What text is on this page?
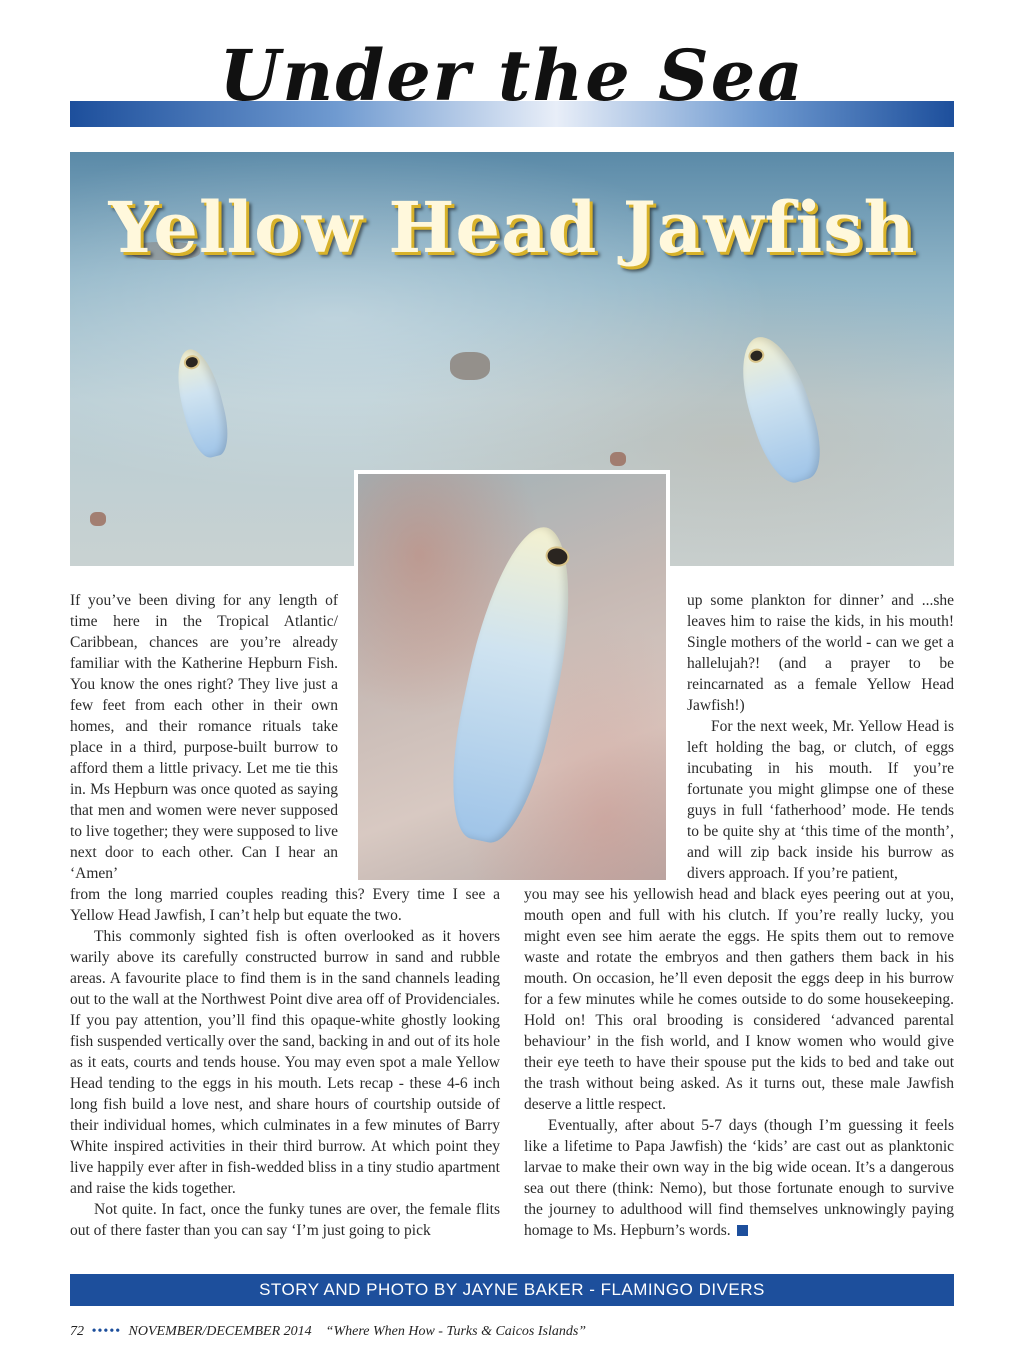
Under the Sea
Yellow Head Jawfish

If you’ve been diving for any length of time here in the Tropical Atlantic/ Caribbean, chances are you’re already familiar with the Katherine Hepburn Fish. You know the ones right? They live just a few feet from each other in their own homes, and their romance rituals take place in a third, purpose-built burrow to afford them a little privacy. Let me tie this in. Ms Hepburn was once quoted as saying that men and women were never supposed to live together; they were supposed to live next door to each other. Can I hear an ‘Amen’

from the long married couples reading this? Every time I see a Yellow Head Jawfish, I can’t help but equate the two.

This commonly sighted fish is often overlooked as it hovers warily above its carefully constructed burrow in sand and rubble areas. A favourite place to find them is in the sand channels leading out to the wall at the Northwest Point dive area off of Providenciales. If you pay attention, you’ll find this opaque-white ghostly looking fish suspended vertically over the sand, backing in and out of its hole as it eats, courts and tends house. You may even spot a male Yellow Head tending to the eggs in his mouth. Lets recap - these 4-6 inch long fish build a love nest, and share hours of courtship outside of their individual homes, which culminates in a few minutes of Barry White inspired activities in their third burrow. At which point they live happily ever after in fish-wedded bliss in a tiny studio apartment and raise the kids together.

Not quite. In fact, once the funky tunes are over, the female flits out of there faster than you can say ‘I’m just going to pick

up some plankton for dinner’ and ...she leaves him to raise the kids, in his mouth! Single mothers of the world - can we get a hallelujah?! (and a prayer to be reincarnated as a female Yellow Head Jawfish!)

For the next week, Mr. Yellow Head is left holding the bag, or clutch, of eggs incubating in his mouth. If you’re fortunate you might glimpse one of these guys in full ‘fatherhood’ mode. He tends to be quite shy at ‘this time of the month’, and will zip back inside his burrow as divers approach. If you’re patient,

you may see his yellowish head and black eyes peering out at you, mouth open and full with his clutch. If you’re really lucky, you might even see him aerate the eggs. He spits them out to remove waste and rotate the embryos and then gathers them back in his mouth. On occasion, he’ll even deposit the eggs deep in his burrow for a few minutes while he comes outside to do some housekeeping. Hold on! This oral brooding is considered ‘advanced parental behaviour’ in the fish world, and I know women who would give their eye teeth to have their spouse put the kids to bed and take out the trash without being asked. As it turns out, these male Jawfish deserve a little respect.

Eventually, after about 5-7 days (though I’m guessing it feels like a lifetime to Papa Jawfish) the ‘kids’ are cast out as planktonic larvae to make their own way in the big wide ocean. It’s a dangerous sea out there (think: Nemo), but those fortunate enough to survive the journey to adulthood will find themselves unknowingly paying homage to Ms. Hepburn’s words.

STORY AND PHOTO BY JAYNE BAKER - FLAMINGO DIVERS
72 ••••• NOVEMBER/DECEMBER 2014 “Where When How - Turks & Caicos Islands”
